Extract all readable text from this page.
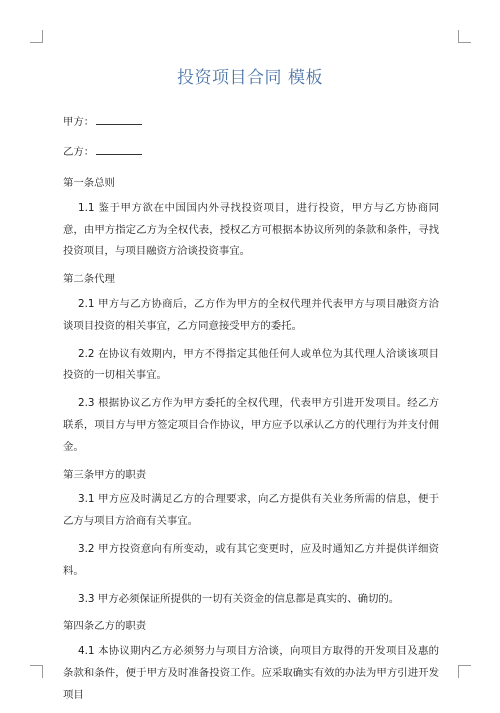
投资项目合同 模板
甲方：
乙方：
第一条总则

1.1 鉴于甲方欲在中国国内外寻找投资项目，进行投资，甲方与乙方协商同意，由甲方指定乙方为全权代表，授权乙方可根据本协议所列的条款和条件，寻找投资项目，与项目融资方洽谈投资事宜。

第二条代理

2.1 甲方与乙方协商后，乙方作为甲方的全权代理并代表甲方与项目融资方洽谈项目投资的相关事宜，乙方同意接受甲方的委托。

2.2 在协议有效期内，甲方不得指定其他任何人或单位为其代理人洽谈该项目投资的一切相关事宜。

2.3 根据协议乙方作为甲方委托的全权代理，代表甲方引进开发项目。经乙方联系，项目方与甲方签定项目合作协议，甲方应予以承认乙方的代理行为并支付佣金。

第三条甲方的职责

3.1 甲方应及时满足乙方的合理要求，向乙方提供有关业务所需的信息，便于乙方与项目方洽商有关事宜。

3.2 甲方投资意向有所变动，或有其它变更时，应及时通知乙方并提供详细资料。

3.3 甲方必须保证所提供的一切有关资金的信息都是真实的、确切的。

第四条乙方的职责

4.1 本协议期内乙方必须努力与项目方洽谈，向项目方取得的开发项目及惠的条款和条件，便于甲方及时准备投资工作。应采取确实有效的办法为甲方引进开发项目
